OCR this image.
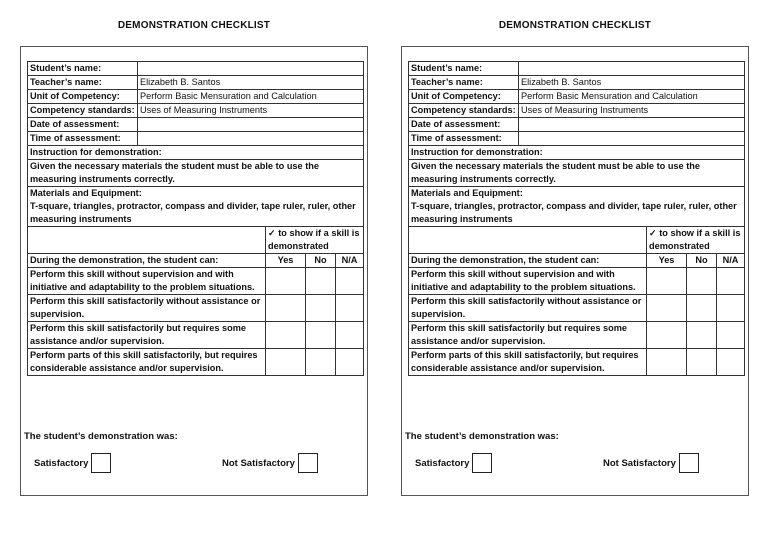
DEMONSTRATION CHECKLIST
Student’s name:				
Teacher’s name:	Elizabeth B. Santos			
Unit of Competency:	Perform Basic Mensuration and Calculation			
Competency standards:	Uses of Measuring Instruments			
Date of assessment:				
Time of assessment:				
Instruction for demonstration:				
Given the necessary materials the student must be able to use the measuring instruments correctly.				

Materials and Equipment:
T-square, triangles, protractor, compass and divider, tape ruler, ruler, other measuring instruments				

		✓ to show if a skill is demonstrated		
During the demonstration, the student can:		Yes	No	N/A
Perform this skill without supervision and with initiative and adaptability to the problem situations.				
Perform this skill satisfactorily without assistance or supervision.				
Perform this skill satisfactorily but requires some assistance and/or supervision.				
Perform parts of this skill satisfactorily, but requires considerable assistance and/or supervision.				
The student’s demonstration was:
Satisfactory	Not Satisfactory
DEMONSTRATION CHECKLIST
Student’s name:				
Teacher’s name:	Elizabeth B. Santos			
Unit of Competency:	Perform Basic Mensuration and Calculation			
Competency standards:	Uses of Measuring Instruments			
Date of assessment:				
Time of assessment:				
Instruction for demonstration:				
Given the necessary materials the student must be able to use the measuring instruments correctly.				

Materials and Equipment:
T-square, triangles, protractor, compass and divider, tape ruler, ruler, other measuring instruments				

		✓ to show if a skill is demonstrated		
During the demonstration, the student can:		Yes	No	N/A
Perform this skill without supervision and with initiative and adaptability to the problem situations.				
Perform this skill satisfactorily without assistance or supervision.				
Perform this skill satisfactorily but requires some assistance and/or supervision.				
Perform parts of this skill satisfactorily, but requires considerable assistance and/or supervision.				
The student’s demonstration was:
Satisfactory	Not Satisfactory
